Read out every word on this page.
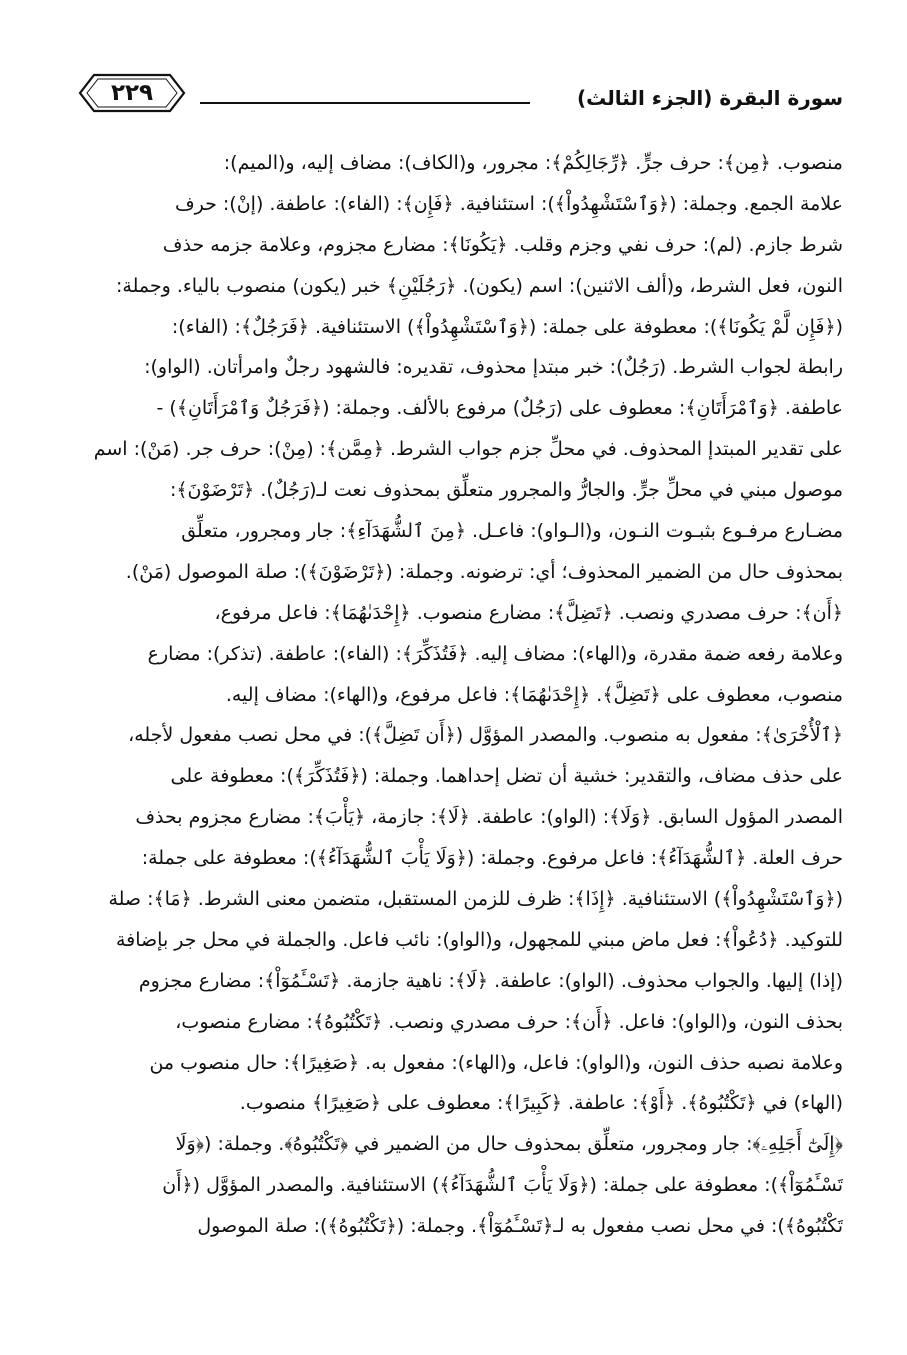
٢٢٩	سورة البقرة (الجزء الثالث)
منصوب. ﴿مِن﴾: حرف جرٍّ. ﴿رِّجَالِكُمْ﴾: مجرور، و(الكاف): مضاف إليه، و(الميم):
علامة الجمع. وجملة: (﴿وَٱسْتَشْهِدُواْ﴾): استئنافية. ﴿فَإِن﴾: (الفاء): عاطفة. (إنْ): حرف
شرط جازم. (لم): حرف نفي وجزم وقلب. ﴿يَكُونَا﴾: مضارع مجزوم، وعلامة جزمه حذف
النون، فعل الشرط، و(ألف الاثنين): اسم (يكون). ﴿رَجُلَيْنِ﴾ خبر (يكون) منصوب بالياء. وجملة:
(﴿فَإِن لَّمْ يَكُونَا﴾): معطوفة على جملة: (﴿وَٱسْتَشْهِدُواْ﴾) الاستئنافية. ﴿فَرَجُلٌ﴾: (الفاء):
رابطة لجواب الشرط. (رَجُلٌ): خبر مبتدإ محذوف، تقديره: فالشهود رجلٌ وامرأتان. (الواو):
عاطفة. ﴿وَٱمْرَأَتَانِ﴾: معطوف على (رَجُلٌ) مرفوع بالألف. وجملة: (﴿فَرَجُلٌ وَٱمْرَأَتَانِ﴾) -
على تقدير المبتدإ المحذوف. في محلِّ جزم جواب الشرط. ﴿مِمَّن﴾: (مِنْ): حرف جر. (مَنْ): اسم
موصول مبني في محلِّ جرٍّ. والجارُّ والمجرور متعلِّق بمحذوف نعت لـ(رَجُلٌ). ﴿تَرْضَوْنَ﴾:
مضـارع مرفـوع بثبـوت النـون، و(الـواو): فاعـل. ﴿مِنَ ٱلشُّهَدَآءِ﴾: جار ومجرور، متعلِّق
بمحذوف حال من الضمير المحذوف؛ أي: ترضونه. وجملة: (﴿تَرْضَوْنَ﴾): صلة الموصول (مَنْ).
﴿أَن﴾: حرف مصدري ونصب. ﴿تَضِلَّ﴾: مضارع منصوب. ﴿إِحْدَىٰهُمَا﴾: فاعل مرفوع،
وعلامة رفعه ضمة مقدرة، و(الهاء): مضاف إليه. ﴿فَتُذَكِّرَ﴾: (الفاء): عاطفة. (تذكر): مضارع
منصوب، معطوف على ﴿تَضِلَّ﴾. ﴿إِحْدَىٰهُمَا﴾: فاعل مرفوع، و(الهاء): مضاف إليه.
﴿ٱلْأُخْرَىٰ﴾: مفعول به منصوب. والمصدر المؤوَّل (﴿أَن تَضِلَّ﴾): في محل نصب مفعول لأجله،
على حذف مضاف، والتقدير: خشية أن تضل إحداهما. وجملة: (﴿فَتُذَكِّرَ﴾): معطوفة على
المصدر المؤول السابق. ﴿وَلَا﴾: (الواو): عاطفة. ﴿لَا﴾: جازمة، ﴿يَأْبَ﴾: مضارع مجزوم بحذف
حرف العلة. ﴿ٱلشُّهَدَآءُ﴾: فاعل مرفوع. وجملة: (﴿وَلَا يَأْبَ ٱلشُّهَدَآءُ﴾): معطوفة على جملة:
(﴿وَٱسْتَشْهِدُواْ﴾) الاستئنافية. ﴿إِذَا﴾: ظرف للزمن المستقبل، متضمن معنى الشرط. ﴿مَا﴾: صلة
للتوكيد. ﴿دُعُواْ﴾: فعل ماض مبني للمجهول، و(الواو): نائب فاعل. والجملة في محل جر بإضافة
(إذا) إليها. والجواب محذوف. (الواو): عاطفة. ﴿لَا﴾: ناهية جازمة. ﴿تَسْـَٔمُوٓاْ﴾: مضارع مجزوم
بحذف النون، و(الواو): فاعل. ﴿أَن﴾: حرف مصدري ونصب. ﴿تَكْتُبُوهُ﴾: مضارع منصوب،
وعلامة نصبه حذف النون، و(الواو): فاعل، و(الهاء): مفعول به. ﴿صَغِيرًا﴾: حال منصوب من
(الهاء) في ﴿تَكْتُبُوهُ﴾. ﴿أَوْ﴾: عاطفة. ﴿كَبِيرًا﴾: معطوف على ﴿صَغِيرًا﴾ منصوب.
﴿إِلَىٰٓ أَجَلِهِۦ﴾: جار ومجرور، متعلِّق بمحذوف حال من الضمير في ﴿تَكْتُبُوهُ﴾. وجملة: (﴿وَلَا
تَسْـَٔمُوٓاْ﴾): معطوفة على جملة: (﴿وَلَا يَأْبَ ٱلشُّهَدَآءُ﴾) الاستئنافية. والمصدر المؤوَّل (﴿أَن
تَكْتُبُوهُ﴾): في محل نصب مفعول به لـ﴿تَسْـَٔمُوٓاْ﴾. وجملة: (﴿تَكْتُبُوهُ﴾): صلة الموصول
